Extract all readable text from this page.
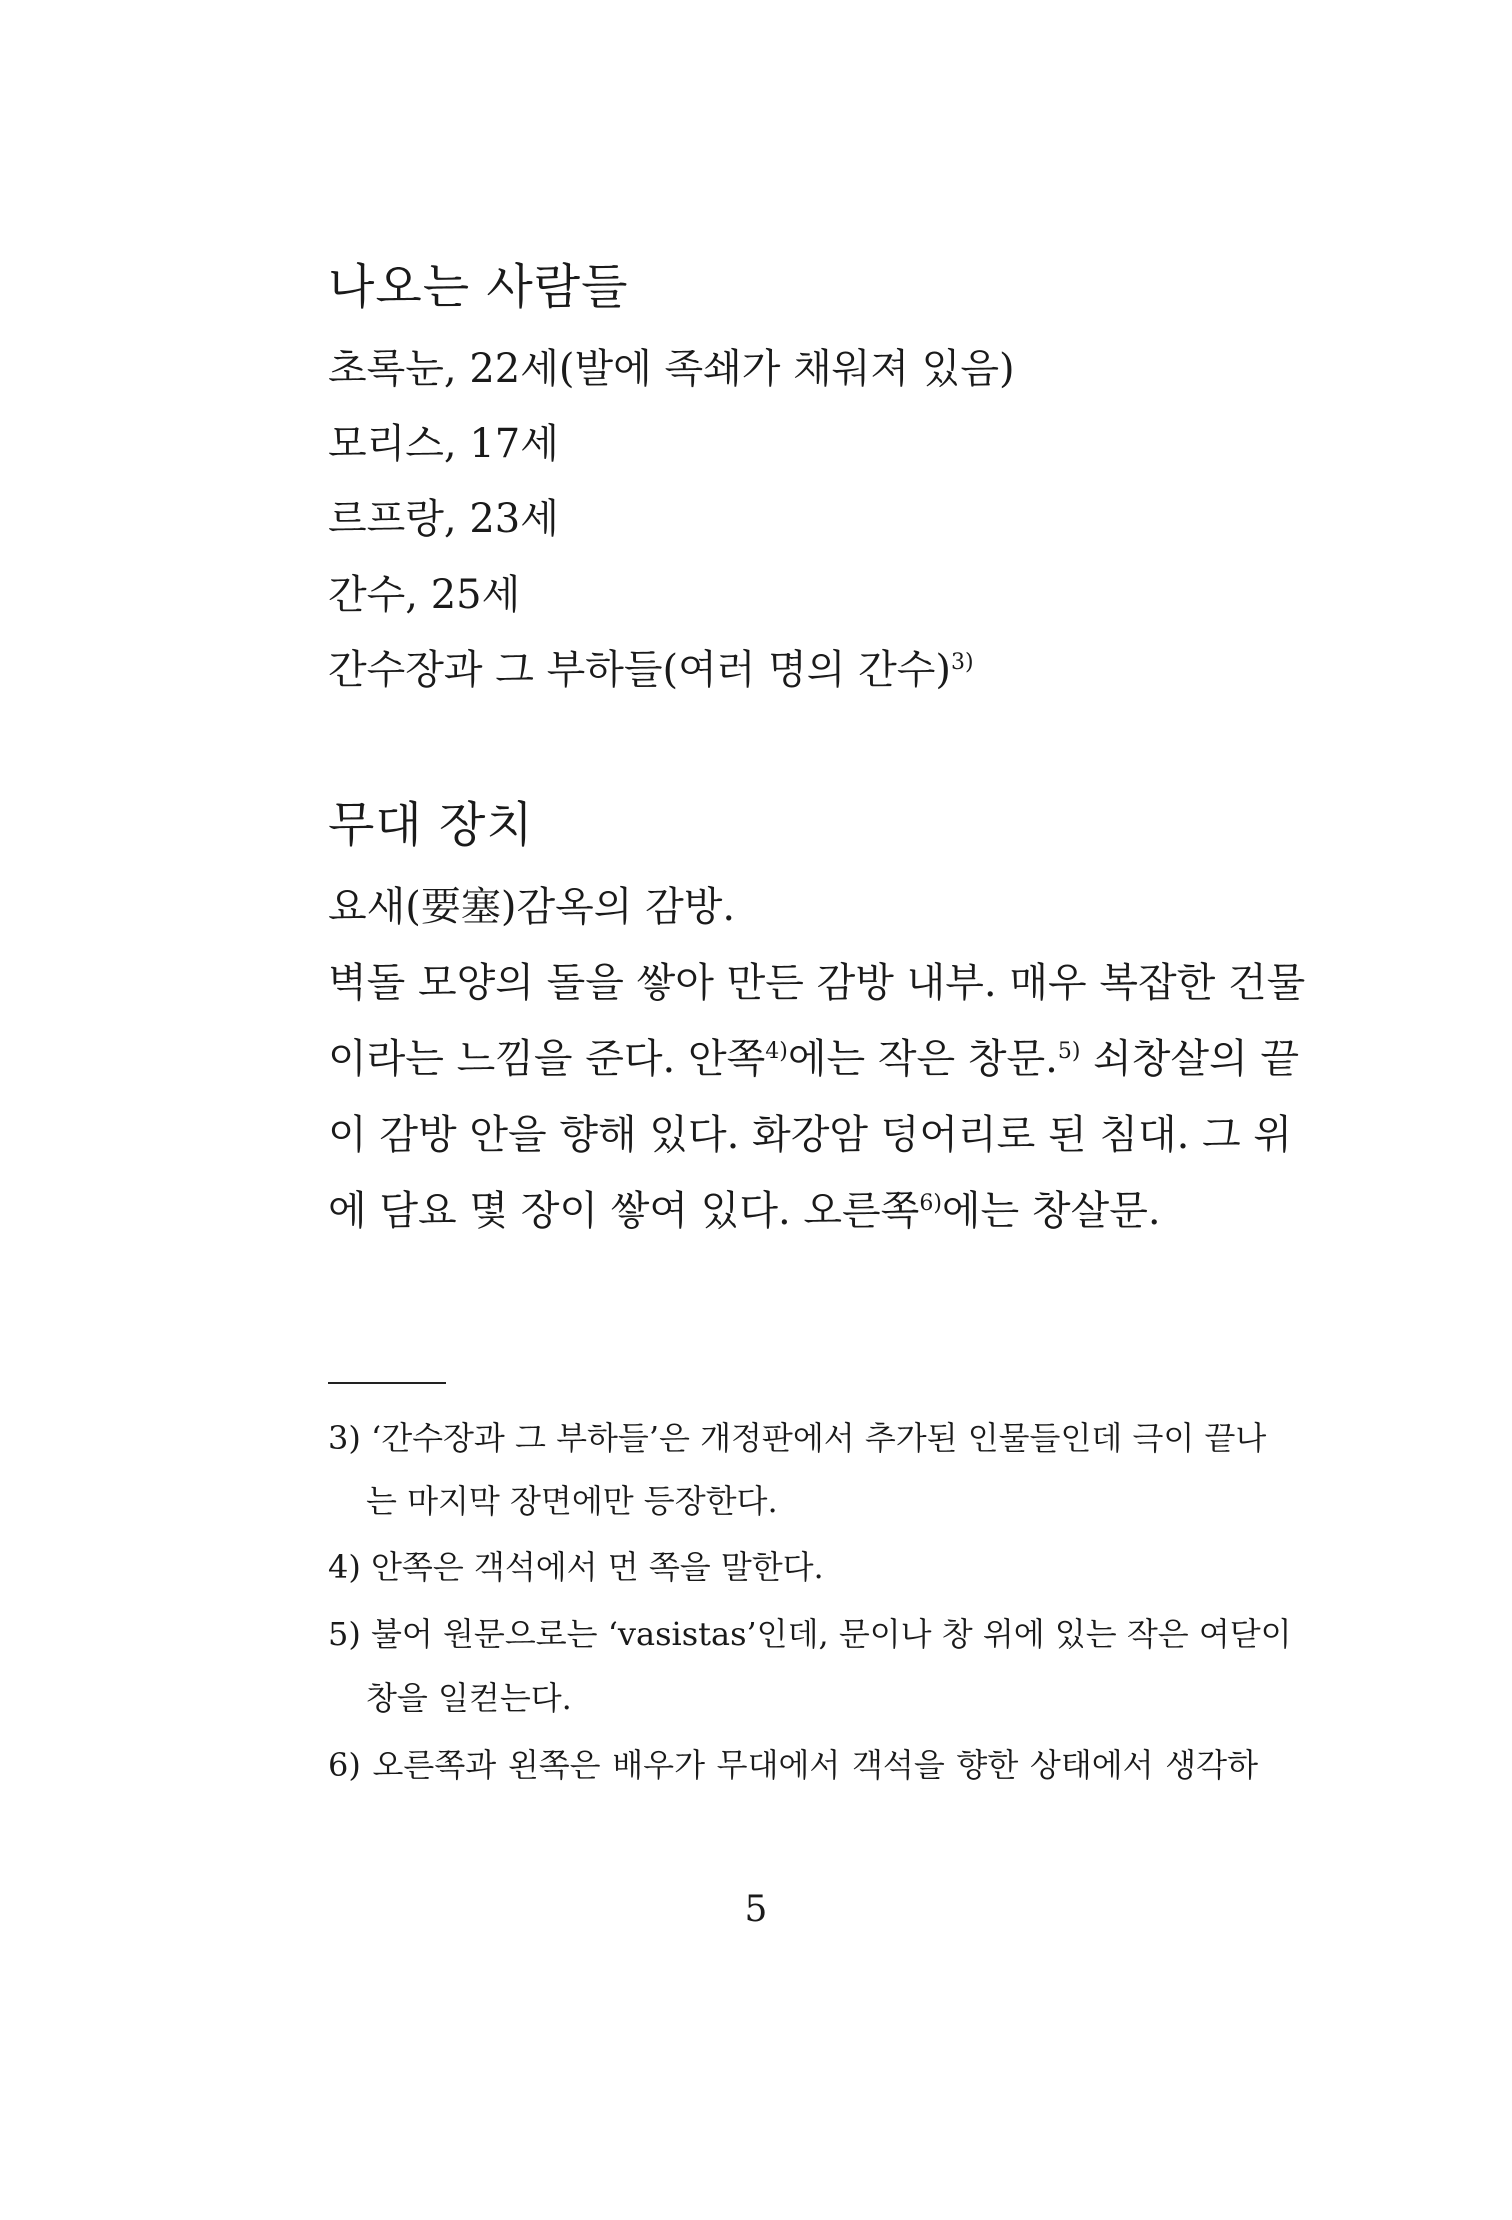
나오는 사람들
초록눈, 22세(발에 족쇄가 채워져 있음)
모리스, 17세
르프랑, 23세
간수, 25세
간수장과 그 부하들(여러 명의 간수)$^{3)}$
무대 장치
요새(要塞)감옥의 감방.
벽돌 모양의 돌을 쌓아 만든 감방 내부. 매우 복잡한 건물
이라는 느낌을 준다. 안쪽$^{4)}$에는 작은 창문.$^{5)}$ 쇠창살의 끝
이 감방 안을 향해 있다. 화강암 덩어리로 된 침대. 그 위
에 담요 몇 장이 쌓여 있다. 오른쪽$^{6)}$에는 창살문.
3) ‘간수장과 그 부하들’은 개정판에서 추가된 인물들인데 극이 끝나
는 마지막 장면에만 등장한다.
4) 안쪽은 객석에서 먼 쪽을 말한다.
5) 불어 원문으로는 ‘vasistas’인데, 문이나 창 위에 있는 작은 여닫이
창을 일컫는다.
6) 오른쪽과 왼쪽은 배우가 무대에서 객석을 향한 상태에서 생각하
5
